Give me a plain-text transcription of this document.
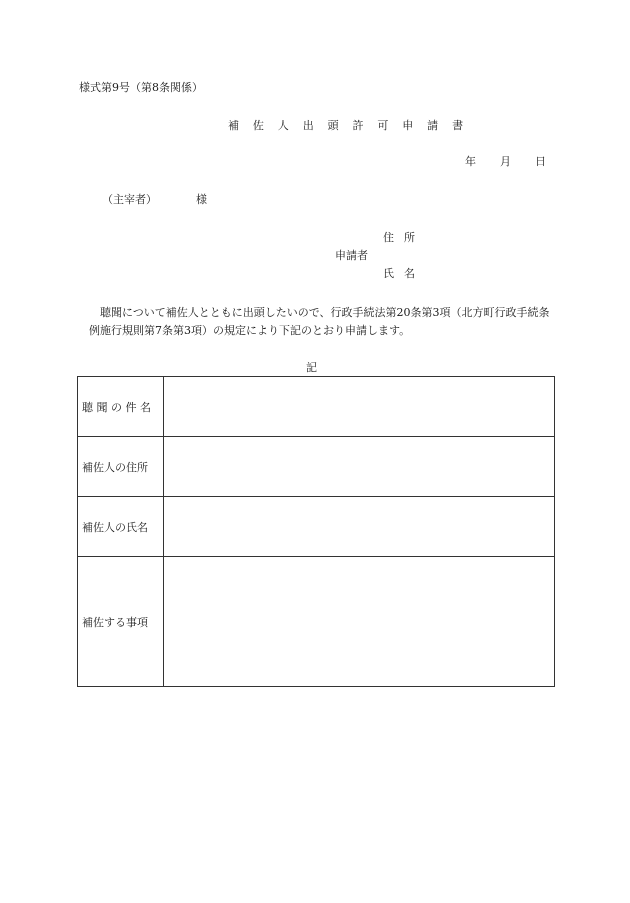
様式第9号（第8条関係）
補 佐 人 出 頭 許 可 申 請 書
年 月 日
（主宰者）	様
住所
申請者
氏名
聴聞について補佐人とともに出頭したいので、行政手続法第20条第3項（北方町行政手続条例施行規則第7条第3項）の規定により下記のとおり申請します。
記
聴 聞 の 件 名	
補佐人の住所	
補佐人の氏名	
補佐する事項	
